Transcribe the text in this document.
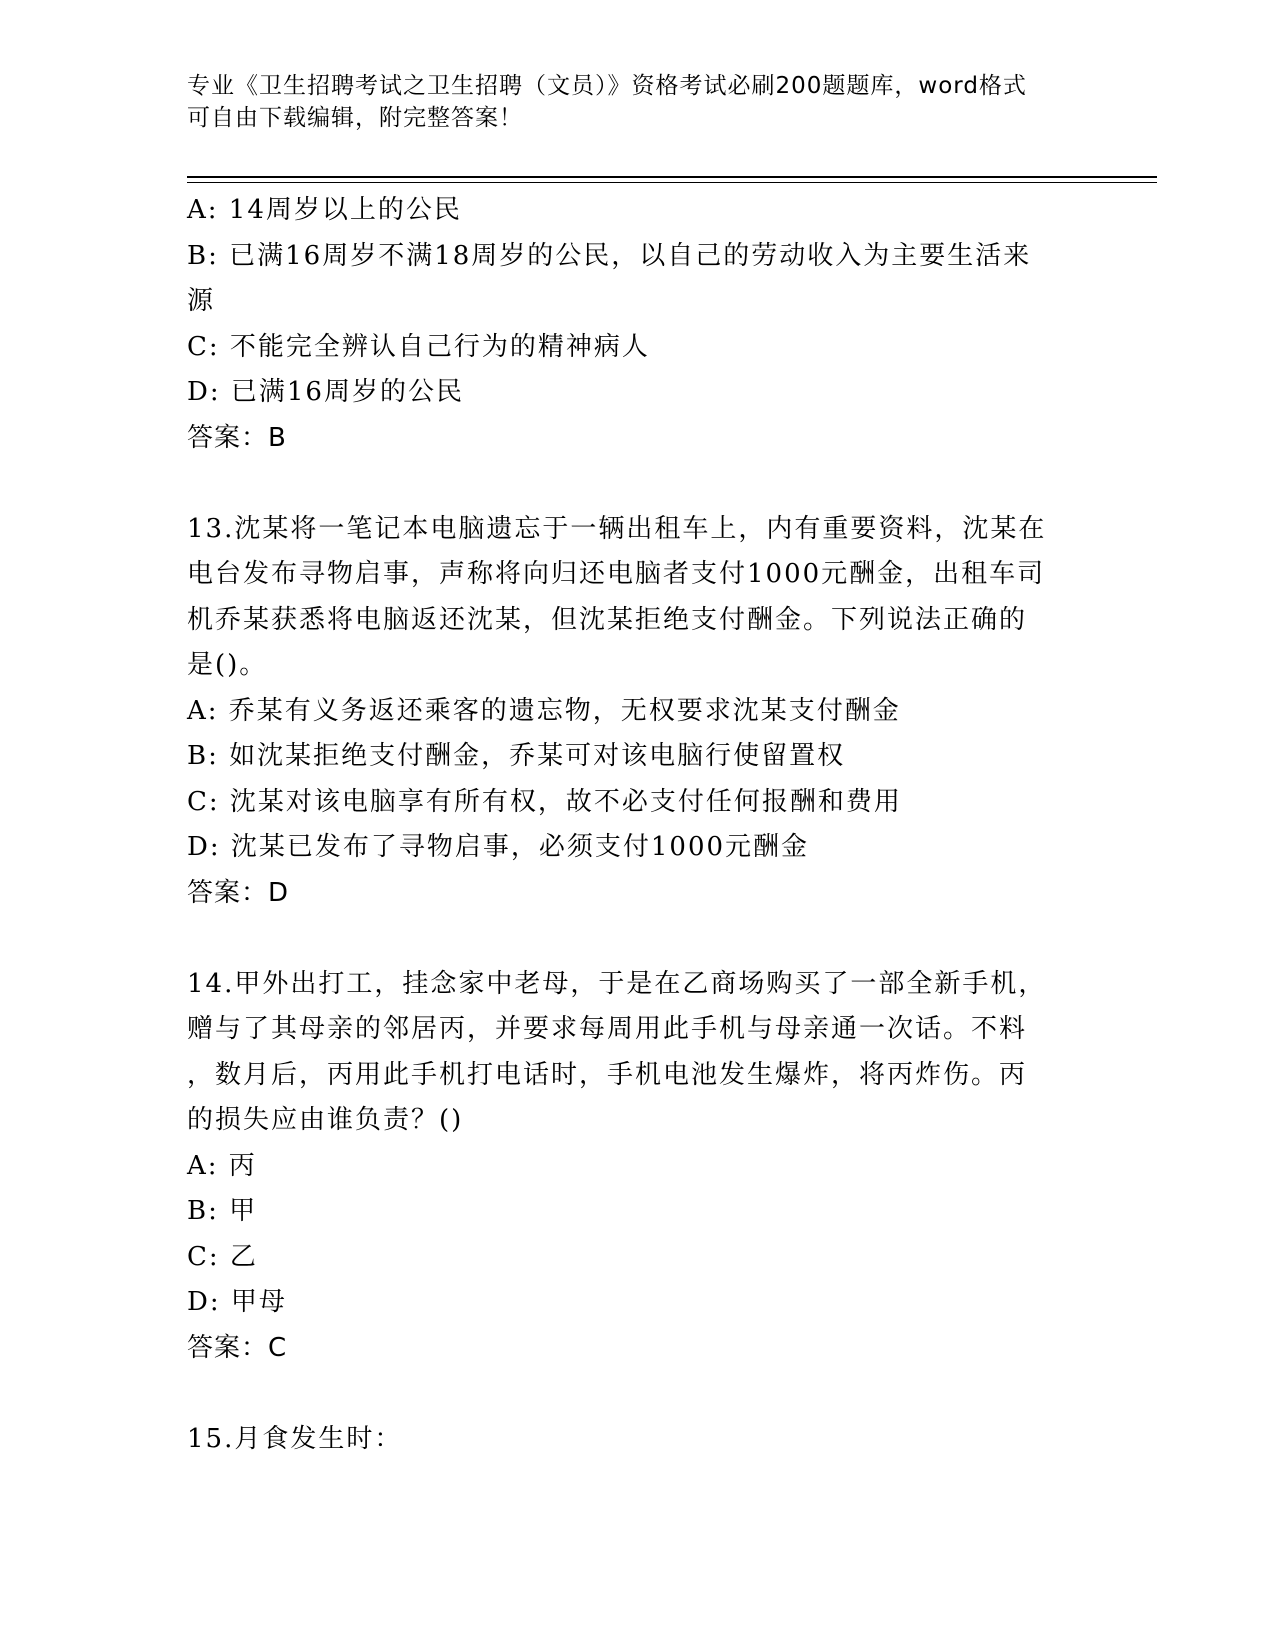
专业《卫生招聘考试之卫生招聘（文员）》资格考试必刷200题题库，word格式
可自由下载编辑，附完整答案！

A: 14周岁以上的公民

B: 已满16周岁不满18周岁的公民，以自己的劳动收入为主要生活来

源

C: 不能完全辨认自己行为的精神病人

D: 已满16周岁的公民

答案：B

13.沈某将一笔记本电脑遗忘于一辆出租车上，内有重要资料，沈某在

电台发布寻物启事，声称将向归还电脑者支付1000元酬金，出租车司

机乔某获悉将电脑返还沈某，但沈某拒绝支付酬金。下列说法正确的

是()。

A: 乔某有义务返还乘客的遗忘物，无权要求沈某支付酬金

B: 如沈某拒绝支付酬金，乔某可对该电脑行使留置权

C: 沈某对该电脑享有所有权，故不必支付任何报酬和费用

D: 沈某已发布了寻物启事，必须支付1000元酬金

答案：D

14.甲外出打工，挂念家中老母，于是在乙商场购买了一部全新手机，

赠与了其母亲的邻居丙，并要求每周用此手机与母亲通一次话。不料

，数月后，丙用此手机打电话时，手机电池发生爆炸，将丙炸伤。丙

的损失应由谁负责？()

A: 丙

B: 甲

C: 乙

D: 甲母

答案：C

15.月食发生时：
